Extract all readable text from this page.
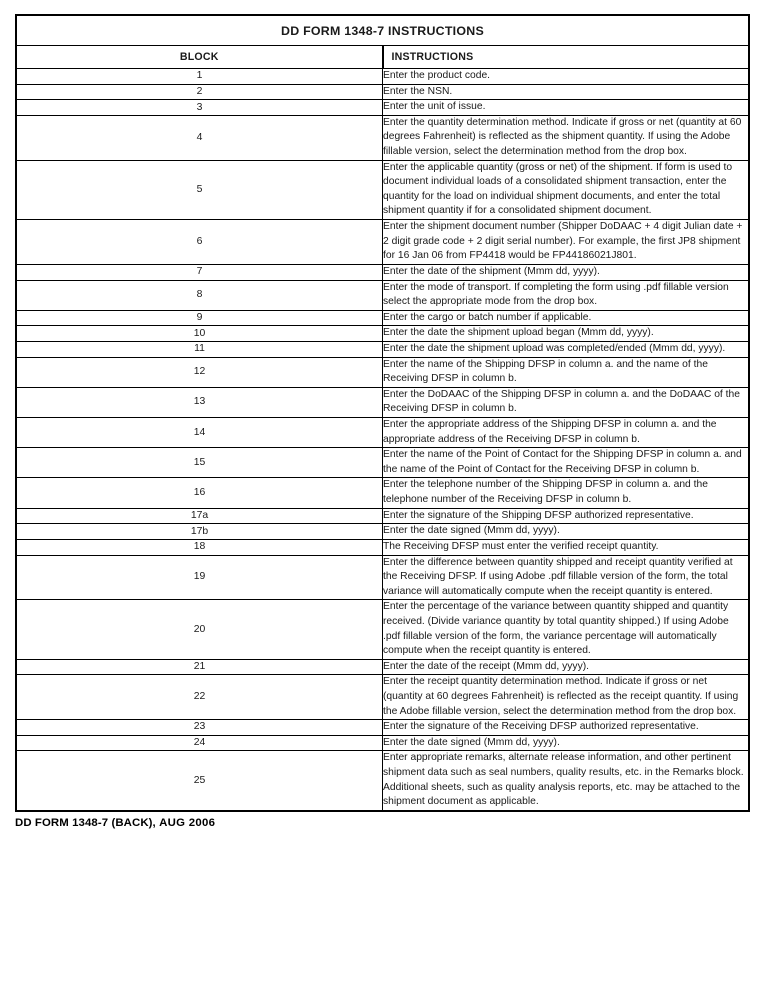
DD FORM 1348-7 INSTRUCTIONS	
BLOCK	INSTRUCTIONS
1	Enter the product code.
2	Enter the NSN.
3	Enter the unit of issue.
4	Enter the quantity determination method. Indicate if gross or net (quantity at 60 degrees Fahrenheit) is reflected as the shipment quantity. If using the Adobe fillable version, select the determination method from the drop box.
5	Enter the applicable quantity (gross or net) of the shipment. If form is used to document individual loads of a consolidated shipment transaction, enter the quantity for the load on individual shipment documents, and enter the total shipment quantity if for a consolidated shipment document.
6	Enter the shipment document number (Shipper DoDAAC + 4 digit Julian date + 2 digit grade code + 2 digit serial number). For example, the first JP8 shipment for 16 Jan 06 from FP4418 would be FP44186021J801.
7	Enter the date of the shipment (Mmm dd, yyyy).
8	Enter the mode of transport. If completing the form using .pdf fillable version select the appropriate mode from the drop box.
9	Enter the cargo or batch number if applicable.
10	Enter the date the shipment upload began (Mmm dd, yyyy).
11	Enter the date the shipment upload was completed/ended (Mmm dd, yyyy).
12	Enter the name of the Shipping DFSP in column a. and the name of the Receiving DFSP in column b.
13	Enter the DoDAAC of the Shipping DFSP in column a. and the DoDAAC of the Receiving DFSP in column b.
14	Enter the appropriate address of the Shipping DFSP in column a. and the appropriate address of the Receiving DFSP in column b.
15	Enter the name of the Point of Contact for the Shipping DFSP in column a. and the name of the Point of Contact for the Receiving DFSP in column b.
16	Enter the telephone number of the Shipping DFSP in column a. and the telephone number of the Receiving DFSP in column b.
17a	Enter the signature of the Shipping DFSP authorized representative.
17b	Enter the date signed (Mmm dd, yyyy).
18	The Receiving DFSP must enter the verified receipt quantity.
19	Enter the difference between quantity shipped and receipt quantity verified at the Receiving DFSP. If using Adobe .pdf fillable version of the form, the total variance will automatically compute when the receipt quantity is entered.
20	Enter the percentage of the variance between quantity shipped and quantity received. (Divide variance quantity by total quantity shipped.) If using Adobe .pdf fillable version of the form, the variance percentage will automatically compute when the receipt quantity is entered.
21	Enter the date of the receipt (Mmm dd, yyyy).
22	Enter the receipt quantity determination method. Indicate if gross or net (quantity at 60 degrees Fahrenheit) is reflected as the receipt quantity. If using the Adobe fillable version, select the determination method from the drop box.
23	Enter the signature of the Receiving DFSP authorized representative.
24	Enter the date signed (Mmm dd, yyyy).
25	Enter appropriate remarks, alternate release information, and other pertinent shipment data such as seal numbers, quality results, etc. in the Remarks block. Additional sheets, such as quality analysis reports, etc. may be attached to the shipment document as applicable.
DD FORM 1348-7 (BACK), AUG 2006
